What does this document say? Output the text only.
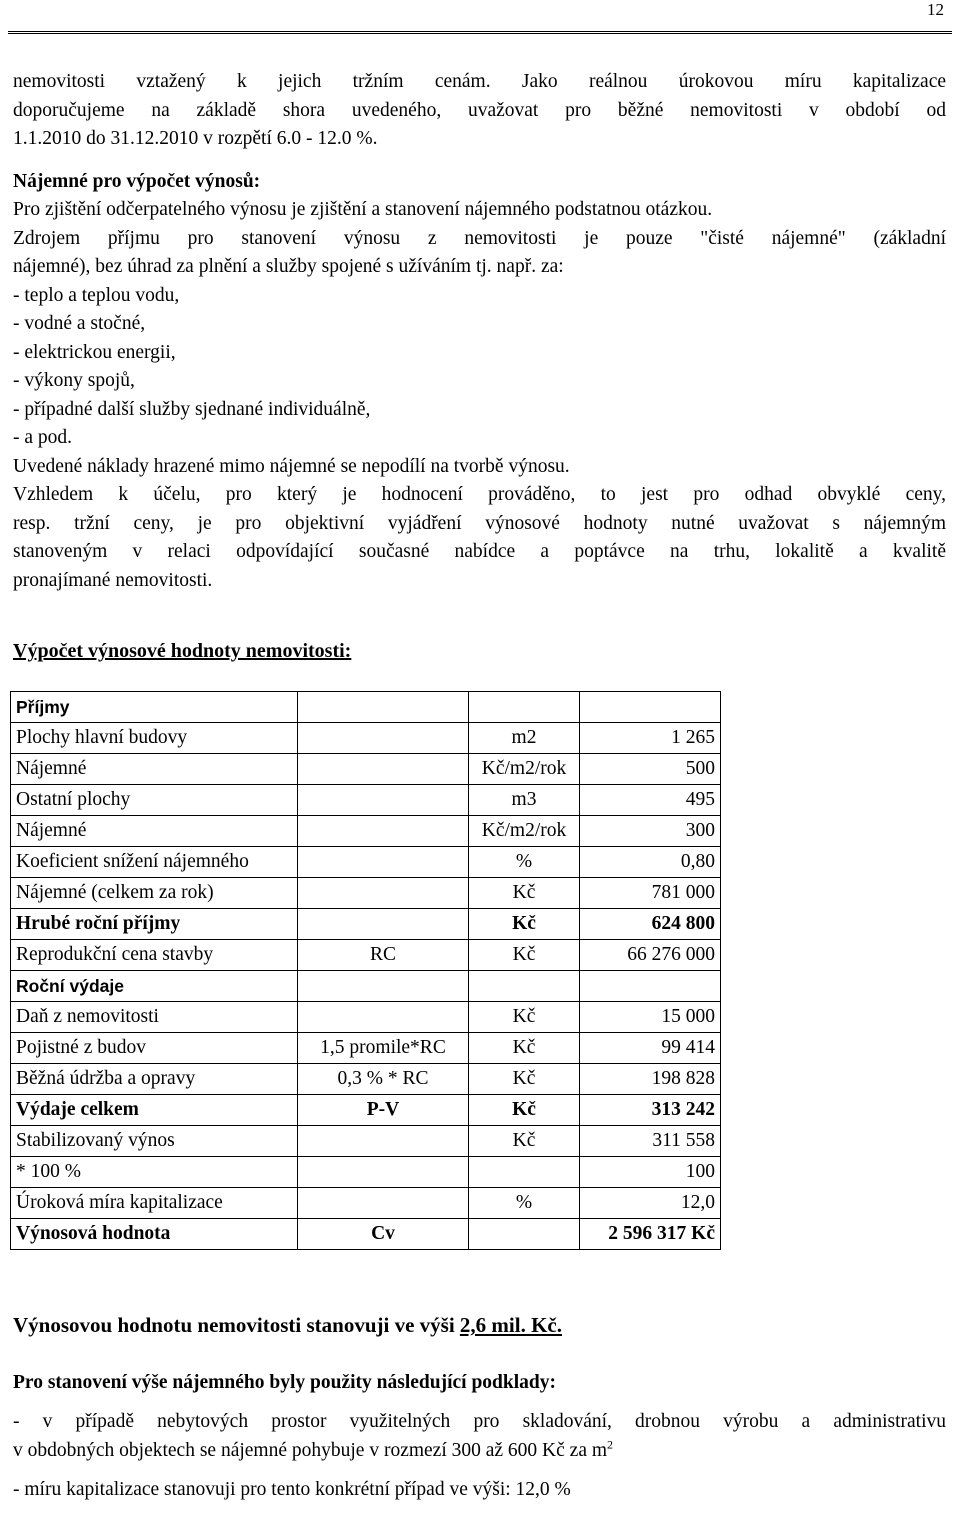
12

nemovitosti vztažený k jejich tržním cenám. Jako reálnou úrokovou míru kapitalizace

doporučujeme na základě shora uvedeného, uvažovat pro běžné nemovitosti v období od

1.1.2010 do 31.12.2010 v rozpětí 6.0 - 12.0 %.

Nájemné pro výpočet výnosů:

Pro zjištění odčerpatelného výnosu je zjištění a stanovení nájemného podstatnou otázkou.

Zdrojem příjmu pro stanovení výnosu z nemovitosti je pouze "čisté nájemné" (základní

nájemné), bez úhrad za plnění a služby spojené s užíváním tj. např. za:

- teplo a teplou vodu,

- vodné a stočné,

- elektrickou energii,

- výkony spojů,

- případné další služby sjednané individuálně,

- a pod.

Uvedené náklady hrazené mimo nájemné se nepodílí na tvorbě výnosu.

Vzhledem k účelu, pro který je hodnocení prováděno, to jest pro odhad obvyklé ceny,

resp. tržní ceny, je pro objektivní vyjádření výnosové hodnoty nutné uvažovat s nájemným

stanoveným v relaci odpovídající současné nabídce a poptávce na trhu, lokalitě a kvalitě

pronajímané nemovitosti.

Výpočet výnosové hodnoty nemovitosti:
Příjmy			
Plochy hlavní budovy		m2	1 265
Nájemné		Kč/m2/rok	500
Ostatní plochy		m3	495
Nájemné		Kč/m2/rok	300
Koeficient snížení nájemného		%	0,80
Nájemné (celkem za rok)		Kč	781 000
Hrubé roční příjmy		Kč	624 800
Reprodukční cena stavby	RC	Kč	66 276 000
Roční výdaje			
Daň z nemovitosti		Kč	15 000
Pojistné z budov	1,5 promile*RC	Kč	99 414
Běžná údržba a opravy	0,3 % * RC	Kč	198 828
Výdaje celkem	P-V	Kč	313 242
Stabilizovaný výnos		Kč	311 558
* 100 %			100
Úroková míra kapitalizace		%	12,0
Výnosová hodnota	Cv		2 596 317 Kč
Výnosovou hodnotu nemovitosti stanovuji ve výši 2,6 mil. Kč.
Pro stanovení výše nájemného byly použity následující podklady:
- v případě nebytových prostor využitelných pro skladování, drobnou výrobu a administrativu
v obdobných objektech se nájemné pohybuje v rozmezí 300 až 600 Kč za $m^2$
- míru kapitalizace stanovuji pro tento konkrétní případ ve výši: 12,0 %
